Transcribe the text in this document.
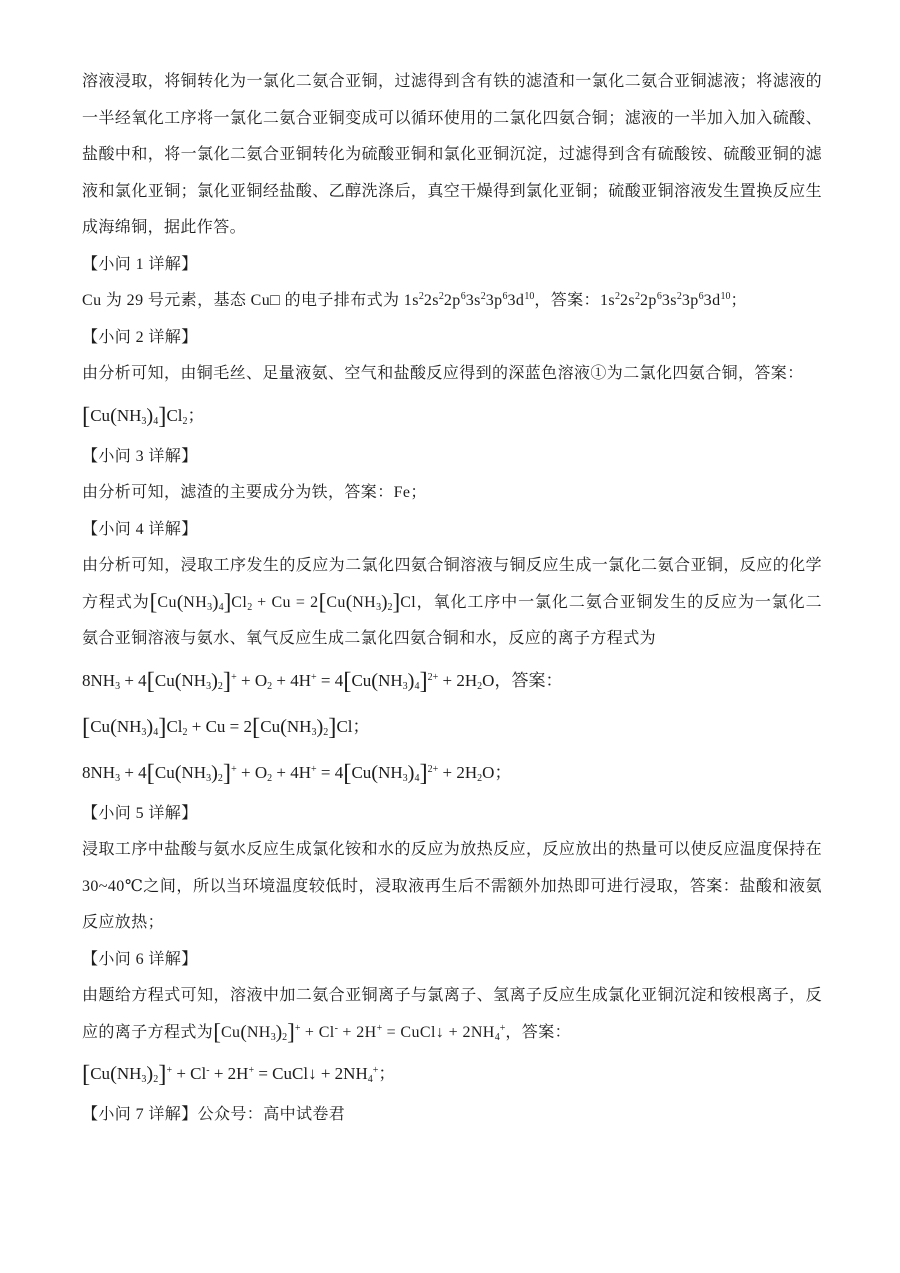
溶液浸取，将铜转化为一氯化二氨合亚铜，过滤得到含有铁的滤渣和一氯化二氨合亚铜滤液；将滤液的一半经氧化工序将一氯化二氨合亚铜变成可以循环使用的二氯化四氨合铜；滤液的一半加入加入硫酸、盐酸中和，将一氯化二氨合亚铜转化为硫酸亚铜和氯化亚铜沉淀，过滤得到含有硫酸铵、硫酸亚铜的滤液和氯化亚铜；氯化亚铜经盐酸、乙醇洗涤后，真空干燥得到氯化亚铜；硫酸亚铜溶液发生置换反应生成海绵铜，据此作答。

【小问 1 详解】

Cu 为 29 号元素，基态 Cu□ 的电子排布式为 $1s^22s^22p^63s^23p^63d^{10}$，答案：$1s^22s^22p^63s^23p^63d^{10}$；

【小问 2 详解】

由分析可知，由铜毛丝、足量液氨、空气和盐酸反应得到的深蓝色溶液①为二氯化四氨合铜，答案：

$[Cu(NH_3)_4]Cl_2$；

【小问 3 详解】

由分析可知，滤渣的主要成分为铁，答案：Fe；

【小问 4 详解】

由分析可知，浸取工序发生的反应为二氯化四氨合铜溶液与铜反应生成一氯化二氨合亚铜，反应的化学方程式为$[Cu(NH_3)_4]Cl_2 + Cu = 2[Cu(NH_3)_2]Cl$，氧化工序中一氯化二氨合亚铜发生的反应为一氯化二氨合亚铜溶液与氨水、氧气反应生成二氯化四氨合铜和水，反应的离子方程式为

$8NH_3 + 4[Cu(NH_3)_2]^+ + O_2 + 4H^+ = 4[Cu(NH_3)_4]^{2+} + 2H_2O$，答案：

$[Cu(NH_3)_4]Cl_2 + Cu = 2[Cu(NH_3)_2]Cl$；

$8NH_3 + 4[Cu(NH_3)_2]^+ + O_2 + 4H^+ = 4[Cu(NH_3)_4]^{2+} + 2H_2O$；

【小问 5 详解】

浸取工序中盐酸与氨水反应生成氯化铵和水的反应为放热反应，反应放出的热量可以使反应温度保持在30~40℃之间，所以当环境温度较低时，浸取液再生后不需额外加热即可进行浸取，答案：盐酸和液氨反应放热；

【小问 6 详解】

由题给方程式可知，溶液中加二氨合亚铜离子与氯离子、氢离子反应生成氯化亚铜沉淀和铵根离子，反应的离子方程式为$[Cu(NH_3)_2]^+ + Cl^- + 2H^+$ = CuCl↓ + $2NH_4^+$，答案：

$[Cu(NH_3)_2]^+ + Cl^- + 2H^+$ = CuCl↓ + $2NH_4^+$；

【小问 7 详解】公众号：高中试卷君
